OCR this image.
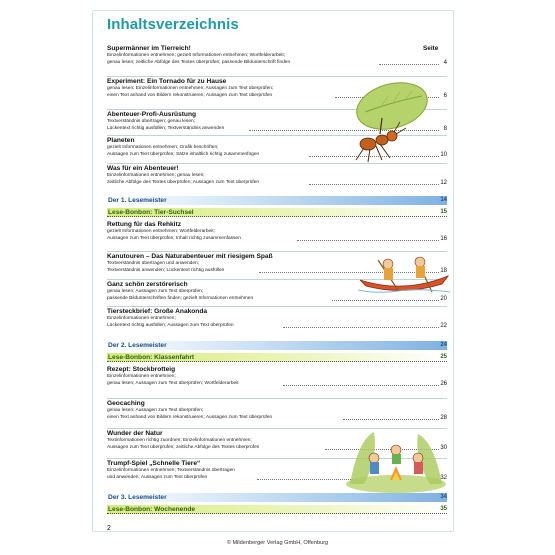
Inhaltsverzeichnis
Seite
Supermänner im Tierreich!
Einzelinformationen entnehmen; gezielt Informationen entnehmen; Wortfelderarbeit;
genau lesen; zeitliche Abfolge des Textes überprüfen; passende Bildunterschrift finden	4
Experiment: Ein Tornado für zu Hause
genau lesen; Einzelinformationen entnehmen; Aussagen zum Text überprüfen;
einen Text anhand von Bildern rekonstruieren; Aussagen zum Text überprüfen	6
Abenteuer-Profi-Ausrüstung
Textverständnis übertragen; genau lesen;
Lückentext richtig ausfüllen; Textverständnis anwenden	8
Planeten
gezielt Informationen entnehmen; Grafik beschriften;
Aussagen zum Text überprüfen; Sätze inhaltlich richtig zusammenfügen	10
Was für ein Abenteuer!
Einzelinformationen entnehmen; genau lesen;
zeitliche Abfolge des Textes überprüfen; Aussagen zum Text überprüfen	12
Der 1. Lesemeister	14
Lese-Bonbon: Tier-Suchsel	15
Rettung für das Rehkitz
gezielt Informationen entnehmen; Wortfelderarbeit;
Aussagen zum Text überprüfen; Inhalt richtig zusammenfassen	16
Kanutouren – Das Naturabenteuer mit riesigem Spaß
Textverständnis übertragen und anwenden;
Textverständnis anwenden; Lückentext richtig ausfüllen	18
Ganz schön zerstörerisch
genau lesen; Aussagen zum Text überprüfen;
passende Bildunterschriften finden; gezielt Informationen entnehmen	20
Tiersteckbrief: Große Anakonda
Einzelinformationen entnehmen;
Lückentext richtig ausfüllen; Aussagen zum Text überprüfen	22
Der 2. Lesemeister	24
Lese-Bonbon: Klassenfahrt	25
Rezept: Stockbrotteig
Einzelinformationen entnehmen;
genau lesen; Aussagen zum Text überprüfen; Wortfelderarbeit	26
Geocaching
genau lesen; Aussagen zum Text überprüfen;
einen Text anhand von Bildern rekonstruieren; Aussagen zum Text überprüfen	28
Wunder der Natur
Textinformationen richtig zuordnen; Einzelinformationen entnehmen;
Aussagen zum Text überprüfen; zeitliche Abfolge des Textes überprüfen	30
Trumpf-Spiel „Schnelle Tiere“
Einzelinformationen entnehmen; Textverständnis übertragen
und anwenden; Aussagen zum Text überprüfen	32
Der 3. Lesemeister	34
Lese-Bonbon: Wochenende	35
2
© Mildenberger Verlag GmbH, Offenburg
